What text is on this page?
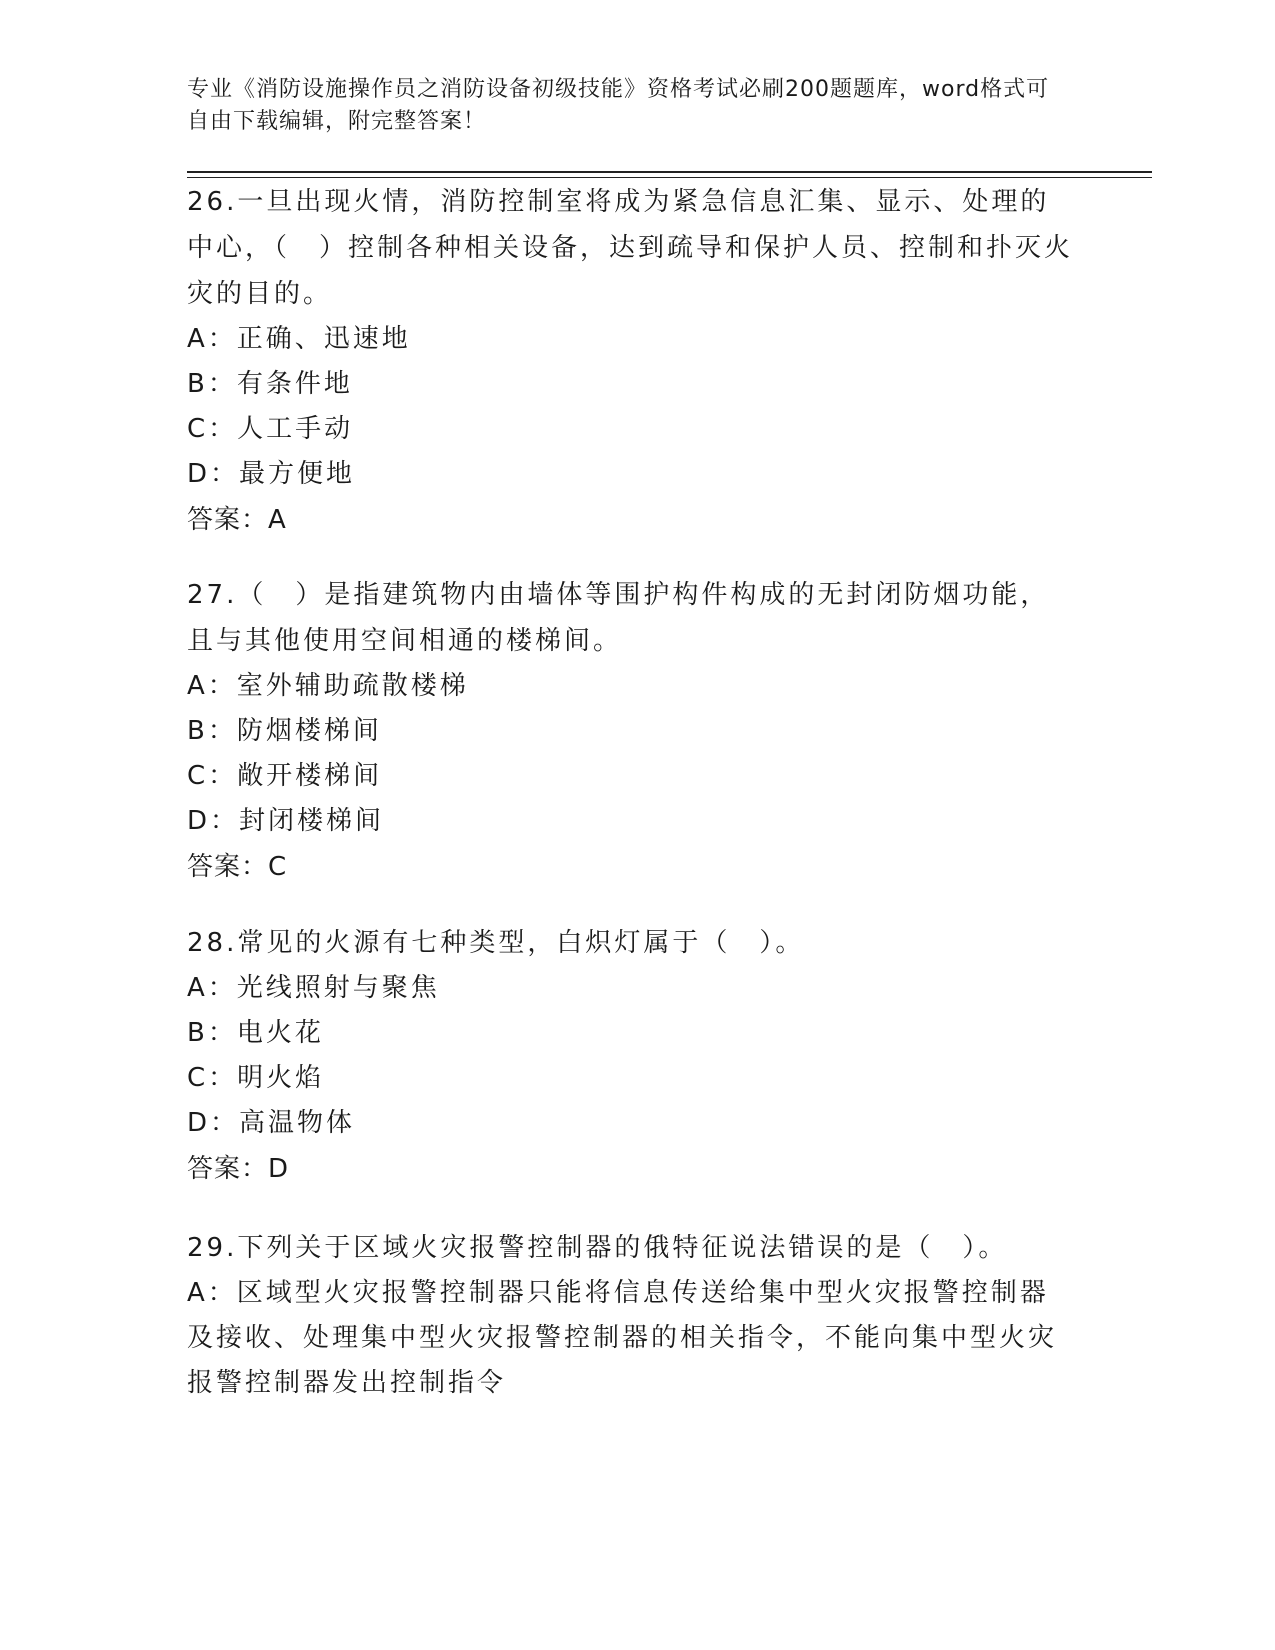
专业《消防设施操作员之消防设备初级技能》资格考试必刷200题题库，word格式可自由下载编辑，附完整答案！
26.一旦出现火情，消防控制室将成为紧急信息汇集、显示、处理的中心，（　）控制各种相关设备，达到疏导和保护人员、控制和扑灭火灾的目的。
A：正确、迅速地
B：有条件地
C：人工手动
D：最方便地
答案：A
27.（　）是指建筑物内由墙体等围护构件构成的无封闭防烟功能，且与其他使用空间相通的楼梯间。
A：室外辅助疏散楼梯
B：防烟楼梯间
C：敞开楼梯间
D：封闭楼梯间
答案：C
28.常见的火源有七种类型，白炽灯属于（　）。
A：光线照射与聚焦
B：电火花
C：明火焰
D：高温物体
答案：D
29.下列关于区域火灾报警控制器的俄特征说法错误的是（　）。
A：区域型火灾报警控制器只能将信息传送给集中型火灾报警控制器及接收、处理集中型火灾报警控制器的相关指令，不能向集中型火灾报警控制器发出控制指令
